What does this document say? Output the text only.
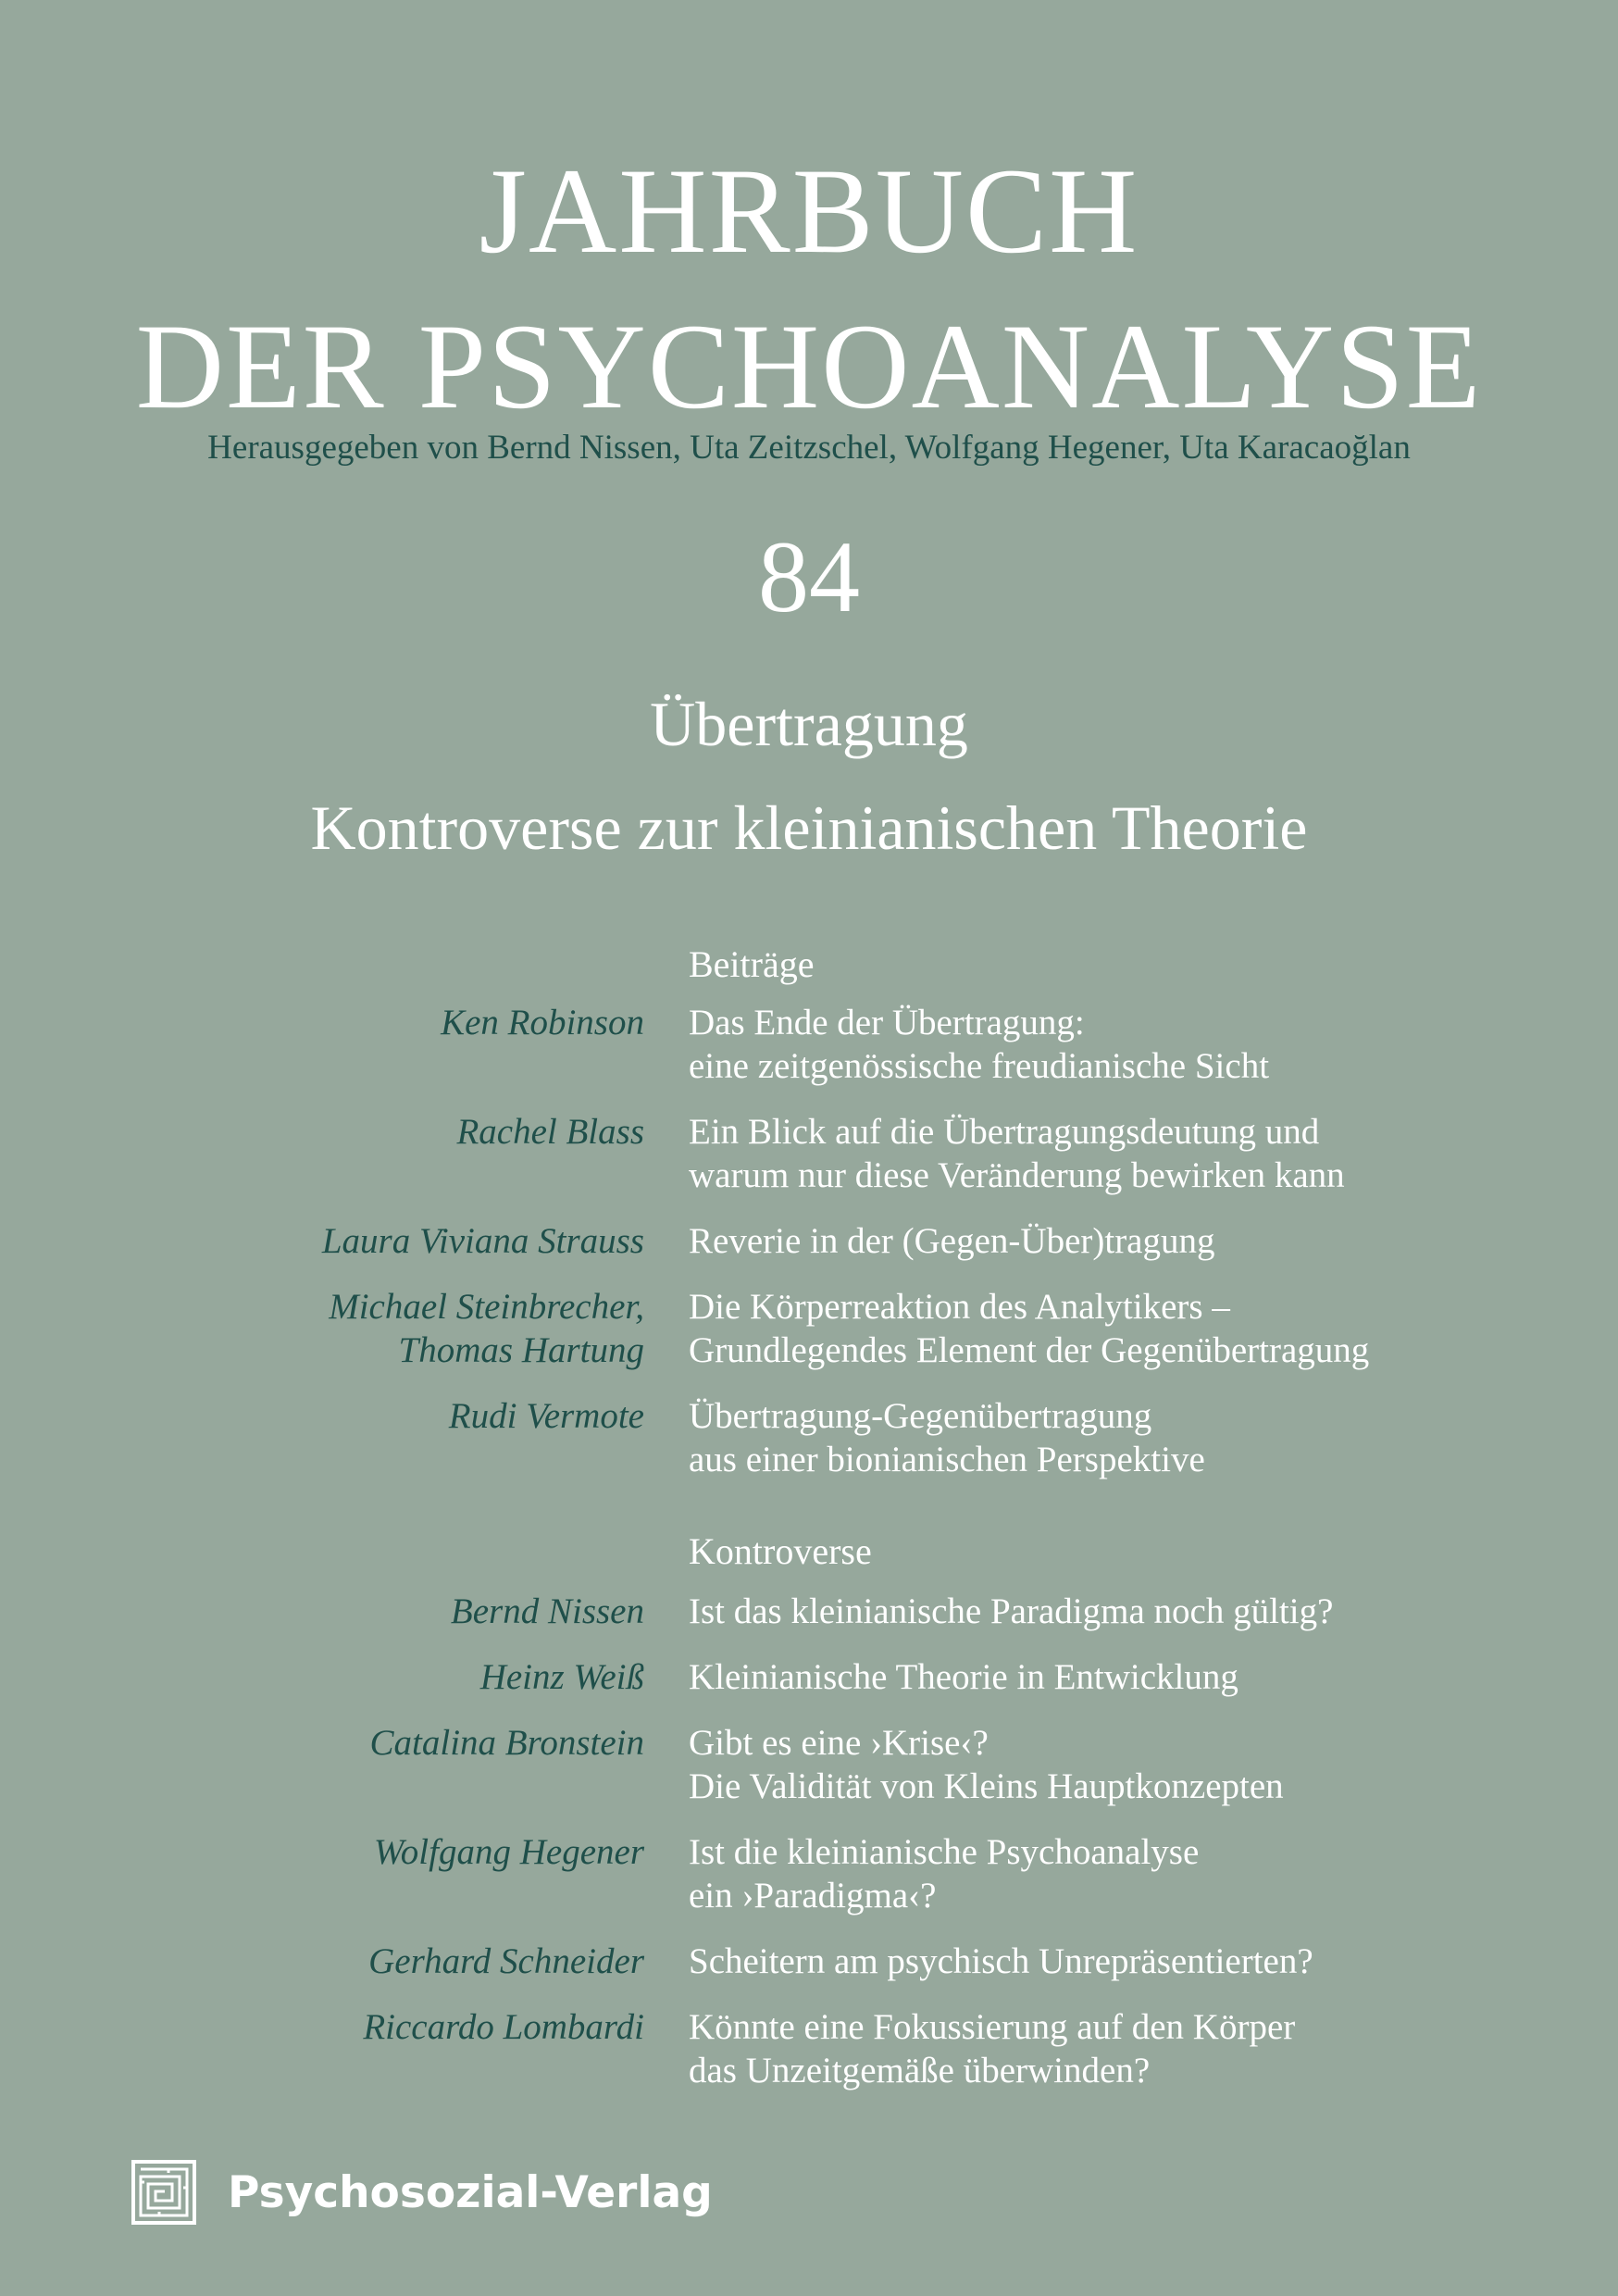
JAHRBUCH
DER PSYCHOANALYSE
Herausgegeben von Bernd Nissen, Uta Zeitzschel, Wolfgang Hegener, Uta Karacaoğlan
84
Übertragung
Kontroverse zur kleinianischen Theorie
Beiträge
Ken Robinson Das Ende der Übertragung:
eine zeitgenössische freudianische Sicht
Rachel Blass Ein Blick auf die Übertragungsdeutung und
warum nur diese Veränderung bewirken kann
Laura Viviana Strauss Reverie in der (Gegen-Über)tragung
Michael Steinbrecher,
Thomas Hartung
Die Körperreaktion des Analytikers –
Grundlegendes Element der Gegenübertragung
Rudi Vermote Übertragung-Gegenübertragung
aus einer bionianischen Perspektive
Kontroverse
Bernd Nissen Ist das kleinianische Paradigma noch gültig?
Heinz Weiß Kleinianische Theorie in Entwicklung
Catalina Bronstein Gibt es eine ›Krise‹?
Die Validität von Kleins Hauptkonzepten
Wolfgang Hegener Ist die kleinianische Psychoanalyse
ein ›Paradigma‹?
Gerhard Schneider Scheitern am psychisch Unrepräsentierten?
Riccardo Lombardi Könnte eine Fokussierung auf den Körper
das Unzeitgemäße überwinden?
Psychosozial-Verlag
